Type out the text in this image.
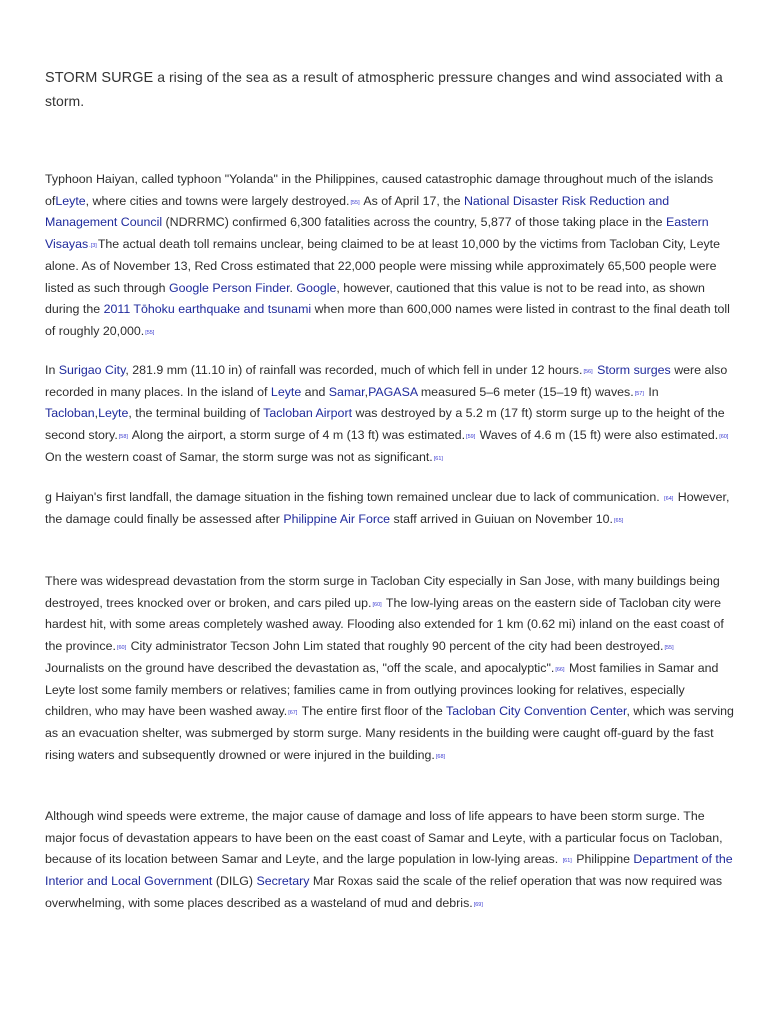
STORM SURGE a rising of the sea as a result of atmospheric pressure changes and wind associated with a storm.
Typhoon Haiyan, called typhoon "Yolanda" in the Philippines, caused catastrophic damage throughout much of the islands ofLeyte, where cities and towns were largely destroyed.[55] As of April 17, the National Disaster Risk Reduction and Management Council (NDRRMC) confirmed 6,300 fatalities across the country, 5,877 of those taking place in the Eastern Visayas$^{.[3]}$The actual death toll remains unclear, being claimed to be at least 10,000 by the victims from Tacloban City, Leyte alone. As of November 13, Red Cross estimated that 22,000 people were missing while approximately 65,500 people were listed as such through Google Person Finder. Google, however, cautioned that this value is not to be read into, as shown during the 2011 Tōhoku earthquake and tsunami when more than 600,000 names were listed in contrast to the final death toll of roughly 20,000.[55]
In Surigao City, 281.9 mm (11.10 in) of rainfall was recorded, much of which fell in under 12 hours.[56] Storm surges were also recorded in many places. In the island of Leyte and Samar,PAGASA measured 5–6 meter (15–19 ft) waves.[57] In Tacloban,Leyte, the terminal building of Tacloban Airport was destroyed by a 5.2 m (17 ft) storm surge up to the height of the second story.[58] Along the airport, a storm surge of 4 m (13 ft) was estimated.[59] Waves of 4.6 m (15 ft) were also estimated.[60] On the western coast of Samar, the storm surge was not as significant.[61]
g Haiyan's first landfall, the damage situation in the fishing town remained unclear due to lack of communication. [64] However, the damage could finally be assessed after Philippine Air Force staff arrived in Guiuan on November 10.[65]
There was widespread devastation from the storm surge in Tacloban City especially in San Jose, with many buildings being destroyed, trees knocked over or broken, and cars piled up.[60] The low-lying areas on the eastern side of Tacloban city were hardest hit, with some areas completely washed away. Flooding also extended for 1 km (0.62 mi) inland on the east coast of the province.[60] City administrator Tecson John Lim stated that roughly 90 percent of the city had been destroyed.[55] Journalists on the ground have described the devastation as, "off the scale, and apocalyptic".[66] Most families in Samar and Leyte lost some family members or relatives; families came in from outlying provinces looking for relatives, especially children, who may have been washed away.[67] The entire first floor of the Tacloban City Convention Center, which was serving as an evacuation shelter, was submerged by storm surge. Many residents in the building were caught off-guard by the fast rising waters and subsequently drowned or were injured in the building.[68]
Although wind speeds were extreme, the major cause of damage and loss of life appears to have been storm surge. The major focus of devastation appears to have been on the east coast of Samar and Leyte, with a particular focus on Tacloban, because of its location between Samar and Leyte, and the large population in low-lying areas. [61] Philippine Department of the Interior and Local Government (DILG) Secretary Mar Roxas said the scale of the relief operation that was now required was overwhelming, with some places described as a wasteland of mud and debris.[69]
